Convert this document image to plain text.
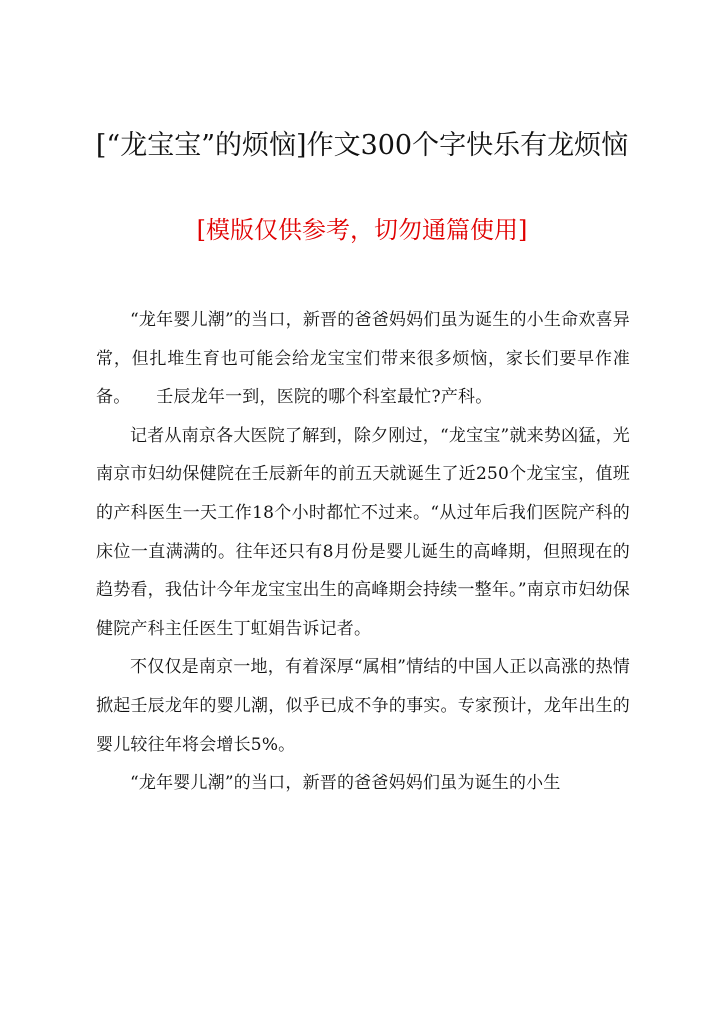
[“龙宝宝”的烦恼]作文300个字快乐有龙烦恼

[模版仅供参考，切勿通篇使用]

“龙年婴儿潮”的当口，新晋的爸爸妈妈们虽为诞生的小生命欢喜异常，但扎堆生育也可能会给龙宝宝们带来很多烦恼，家长们要早作准备。　　壬辰龙年一到，医院的哪个科室最忙?产科。

记者从南京各大医院了解到，除夕刚过，“龙宝宝”就来势凶猛，光南京市妇幼保健院在壬辰新年的前五天就诞生了近250个龙宝宝，值班的产科医生一天工作18个小时都忙不过来。“从过年后我们医院产科的床位一直满满的。往年还只有8月份是婴儿诞生的高峰期，但照现在的趋势看，我估计今年龙宝宝出生的高峰期会持续一整年。”南京市妇幼保健院产科主任医生丁虹娟告诉记者。

不仅仅是南京一地，有着深厚“属相”情结的中国人正以高涨的热情掀起壬辰龙年的婴儿潮，似乎已成不争的事实。专家预计，龙年出生的婴儿较往年将会增长5%。

“龙年婴儿潮”的当口，新晋的爸爸妈妈们虽为诞生的小生
